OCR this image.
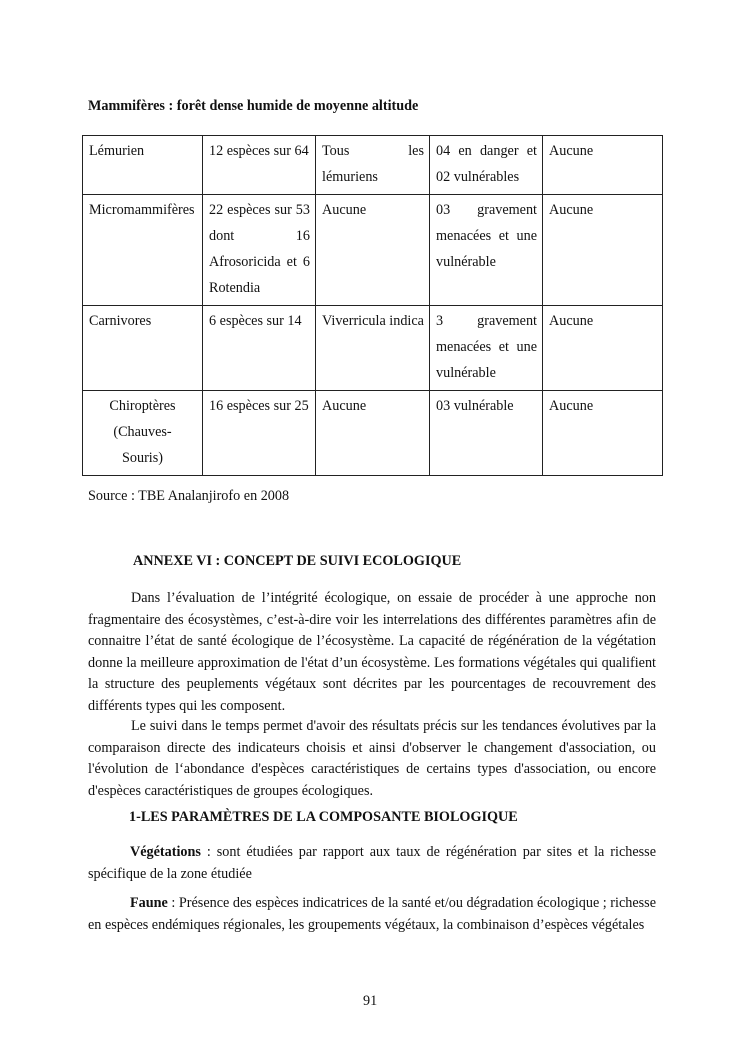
Mammifères : forêt dense humide de moyenne altitude
Lémurien	12 espèces sur 64	Tous les lémuriens	04 en danger et 02 vulnérables	Aucune
Micromammifères	22 espèces sur 53 dont 16 Afrosoricida et 6 Rotendia	Aucune	03 gravement menacées et une vulnérable	Aucune
Carnivores	6 espèces sur 14	Viverricula indica	3 gravement menacées et une vulnérable	Aucune
Chiroptères (Chauves-Souris)	16 espèces sur 25	Aucune	03 vulnérable	Aucune
Source : TBE Analanjirofo en 2008
ANNEXE VI : CONCEPT DE SUIVI ECOLOGIQUE

Dans l’évaluation de l’intégrité écologique, on essaie de procéder à une approche non fragmentaire des écosystèmes, c’est-à-dire voir les interrelations des différentes paramètres afin de connaitre l’état de santé écologique de l’écosystème. La capacité de régénération de la végétation donne la meilleure approximation de l'état d’un écosystème. Les formations végétales qui qualifient la structure des peuplements végétaux sont décrites par les pourcentages de recouvrement des différents types qui les composent.

Le suivi dans le temps permet d'avoir des résultats précis sur les tendances évolutives par la comparaison directe des indicateurs choisis et ainsi d'observer le changement d'association, ou l'évolution de l‘abondance d'espèces caractéristiques de certains types d'association, ou encore d'espèces caractéristiques de groupes écologiques.

1-LES PARAMÈTRES DE LA COMPOSANTE BIOLOGIQUE

Végétations : sont étudiées par rapport aux taux de régénération par sites et la richesse spécifique de la zone étudiée

Faune : Présence des espèces indicatrices de la santé et/ou dégradation écologique ; richesse en espèces endémiques régionales, les groupements végétaux, la combinaison d’espèces végétales

91
